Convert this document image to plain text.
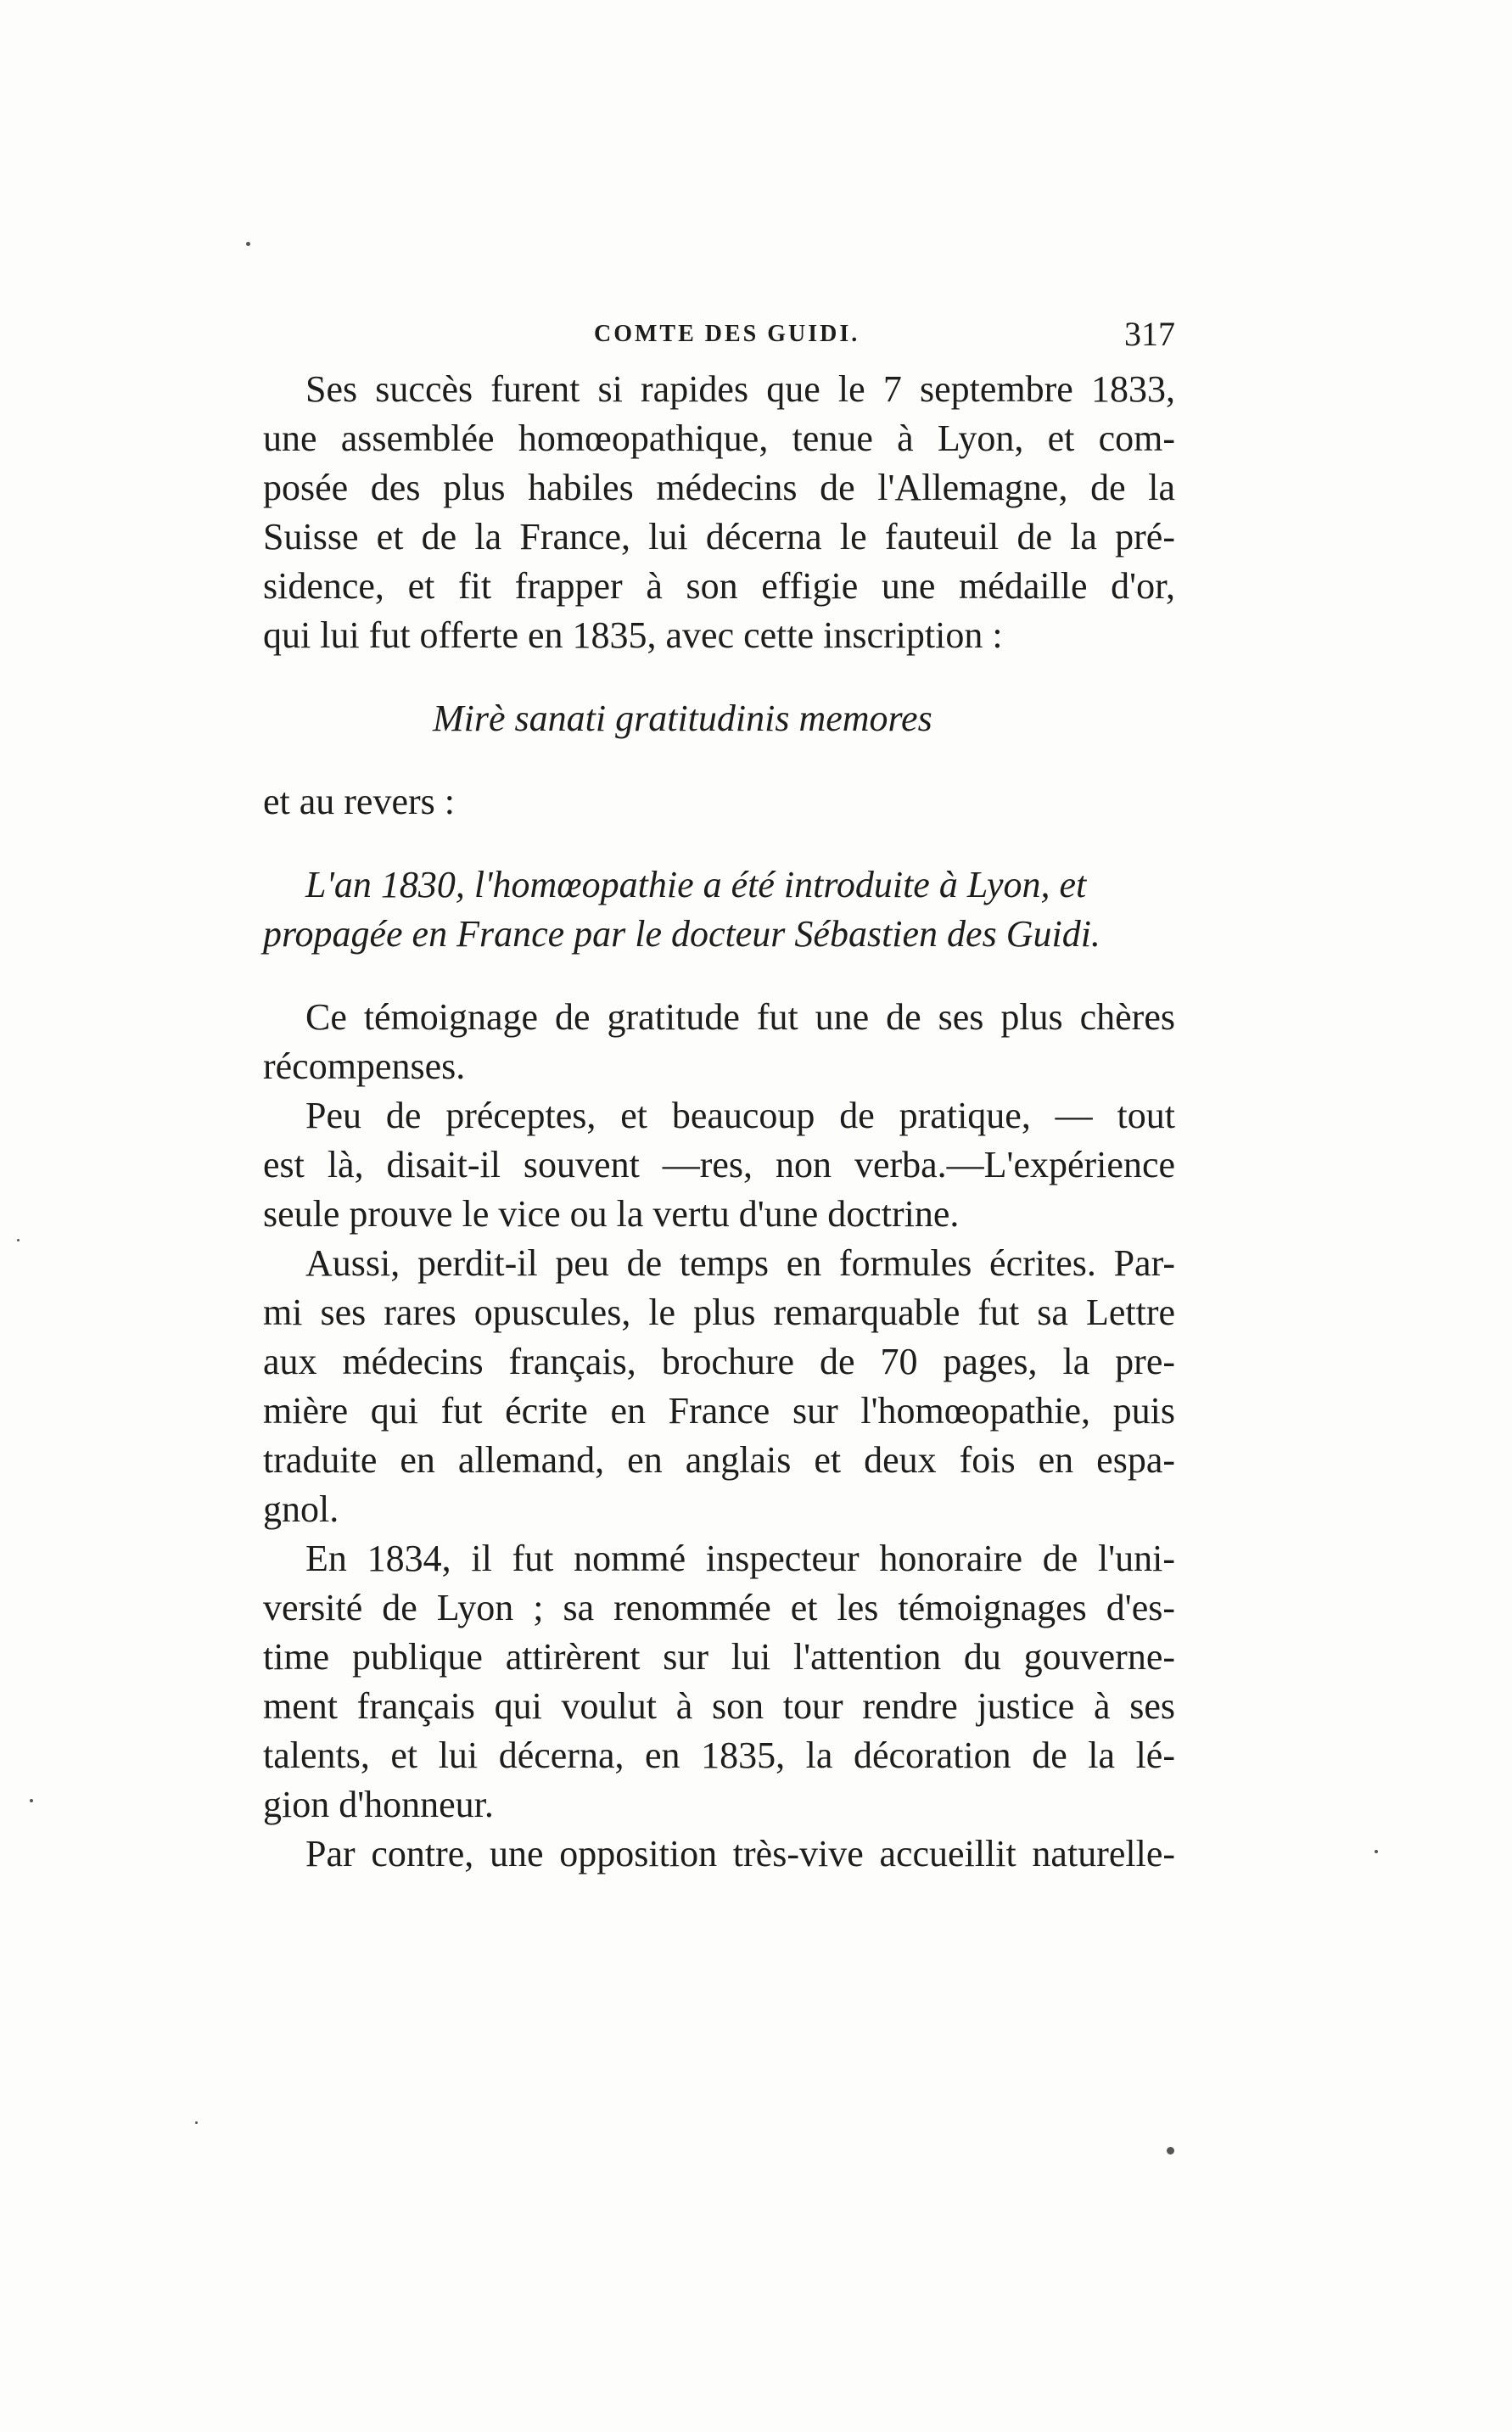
COMTE DES GUIDI.	317
Ses succès furent si rapides que le 7 septembre 1833,
une assemblée homœopathique, tenue à Lyon, et com-
posée des plus habiles médecins de l'Allemagne, de la
Suisse et de la France, lui décerna le fauteuil de la pré-
sidence, et fit frapper à son effigie une médaille d'or,
qui lui fut offerte en 1835, avec cette inscription :
Mirè sanati gratitudinis memores
et au revers :
L'an 1830, l'homœopathie a été introduite à Lyon, et
propagée en France par le docteur Sébastien des Guidi.
Ce témoignage de gratitude fut une de ses plus chères
récompenses.
Peu de préceptes, et beaucoup de pratique, — tout
est là, disait-il souvent —res, non verba.—L'expérience
seule prouve le vice ou la vertu d'une doctrine.
Aussi, perdit-il peu de temps en formules écrites. Par-
mi ses rares opuscules, le plus remarquable fut sa Lettre
aux médecins français, brochure de 70 pages, la pre-
mière qui fut écrite en France sur l'homœopathie, puis
traduite en allemand, en anglais et deux fois en espa-
gnol.
En 1834, il fut nommé inspecteur honoraire de l'uni-
versité de Lyon ; sa renommée et les témoignages d'es-
time publique attirèrent sur lui l'attention du gouverne-
ment français qui voulut à son tour rendre justice à ses
talents, et lui décerna, en 1835, la décoration de la lé-
gion d'honneur.
Par contre, une opposition très-vive accueillit naturelle-
